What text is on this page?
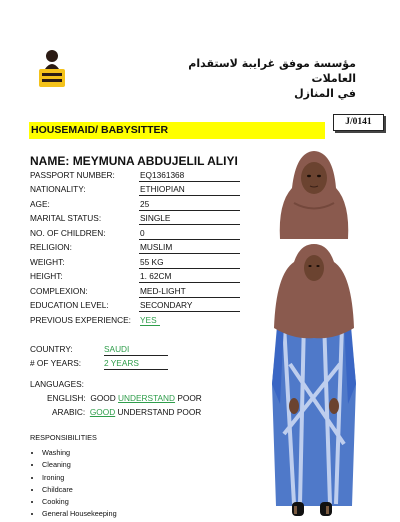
مؤسسة موفق غرايبة لاستقدام العاملات
في المنازل
J/0141
HOUSEMAID/ BABYSITTER
NAME: MEYMUNA ABDUJELIL ALIYI
PASSPORT NUMBER:	EQ1361368
NATIONALITY:	ETHIOPIAN
AGE:	25
MARITAL STATUS:	SINGLE
NO. OF CHILDREN:	0
RELIGION:	MUSLIM
WEIGHT:	55 KG
HEIGHT:	1. 62CM
COMPLEXION:	MED-LIGHT
EDUCATION LEVEL:	SECONDARY
PREVIOUS EXPERIENCE: YES
COUNTRY:	SAUDI
# OF YEARS:	2 YEARS
LANGUAGES:
ENGLISH: GOOD UNDERSTAND POOR
ARABIC: GOOD UNDERSTAND POOR
RESPONSIBILITIES
• Washing
• Cleaning
• Ironing
• Childcare
• Cooking
• General Housekeeping
